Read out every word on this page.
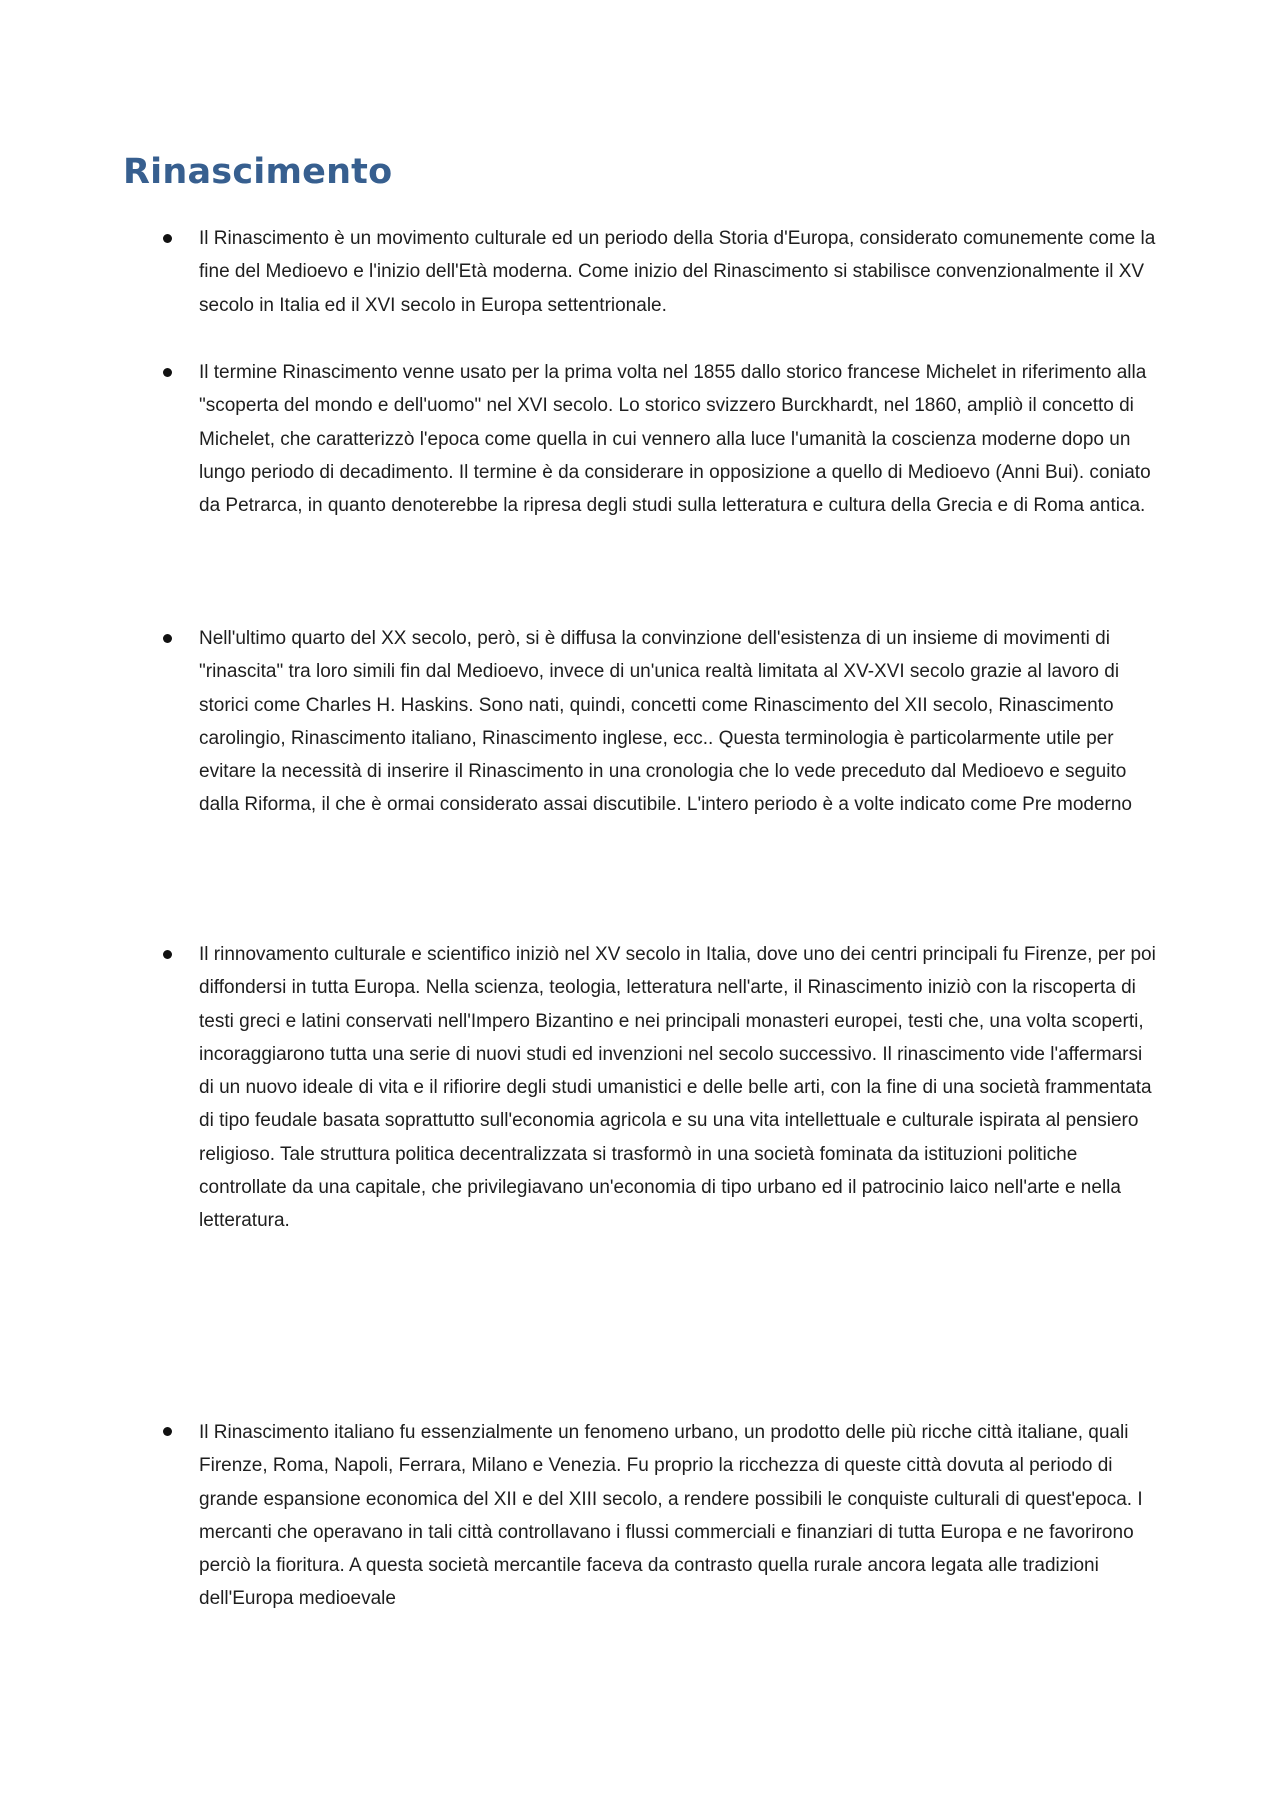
Rinascimento

Il Rinascimento è un movimento culturale ed un periodo della Storia d'Europa, considerato comunemente come la fine del Medioevo e l'inizio dell'Età moderna. Come inizio del Rinascimento si stabilisce convenzionalmente il XV secolo in Italia ed il XVI secolo in Europa settentrionale.

Il termine Rinascimento venne usato per la prima volta nel 1855 dallo storico francese Michelet in riferimento alla "scoperta del mondo e dell'uomo" nel XVI secolo. Lo storico svizzero Burckhardt, nel 1860, ampliò il concetto di Michelet, che caratterizzò l'epoca come quella in cui vennero alla luce l'umanità la coscienza moderne dopo un lungo periodo di decadimento. Il termine è da considerare in opposizione a quello di Medioevo (Anni Bui). coniato da Petrarca, in quanto denoterebbe la ripresa degli studi sulla letteratura e cultura della Grecia e di Roma antica.

Nell'ultimo quarto del XX secolo, però, si è diffusa la convinzione dell'esistenza di un insieme di movimenti di "rinascita" tra loro simili fin dal Medioevo, invece di un'unica realtà limitata al XV-XVI secolo grazie al lavoro di storici come Charles H. Haskins. Sono nati, quindi, concetti come Rinascimento del XII secolo, Rinascimento carolingio, Rinascimento italiano, Rinascimento inglese, ecc.. Questa terminologia è particolarmente utile per evitare la necessità di inserire il Rinascimento in una cronologia che lo vede preceduto dal Medioevo e seguito dalla Riforma, il che è ormai considerato assai discutibile. L'intero periodo è a volte indicato come Pre moderno

Il rinnovamento culturale e scientifico iniziò nel XV secolo in Italia, dove uno dei centri principali fu Firenze, per poi diffondersi in tutta Europa. Nella scienza, teologia, letteratura nell'arte, il Rinascimento iniziò con la riscoperta di testi greci e latini conservati nell'Impero Bizantino e nei principali monasteri europei, testi che, una volta scoperti, incoraggiarono tutta una serie di nuovi studi ed invenzioni nel secolo successivo. Il rinascimento vide l'affermarsi di un nuovo ideale di vita e il rifiorire degli studi umanistici e delle belle arti, con la fine di una società frammentata di tipo feudale basata soprattutto sull'economia agricola e su una vita intellettuale e culturale ispirata al pensiero religioso. Tale struttura politica decentralizzata si trasformò in una società fominata da istituzioni politiche controllate da una capitale, che privilegiavano un'economia di tipo urbano ed il patrocinio laico nell'arte e nella letteratura.

Il Rinascimento italiano fu essenzialmente un fenomeno urbano, un prodotto delle più ricche città italiane, quali Firenze, Roma, Napoli, Ferrara, Milano e Venezia. Fu proprio la ricchezza di queste città dovuta al periodo di grande espansione economica del XII e del XIII secolo, a rendere possibili le conquiste culturali di quest'epoca. I mercanti che operavano in tali città controllavano i flussi commerciali e finanziari di tutta Europa e ne favorirono perciò la fioritura. A questa società mercantile faceva da contrasto quella rurale ancora legata alle tradizioni dell'Europa medioevale
